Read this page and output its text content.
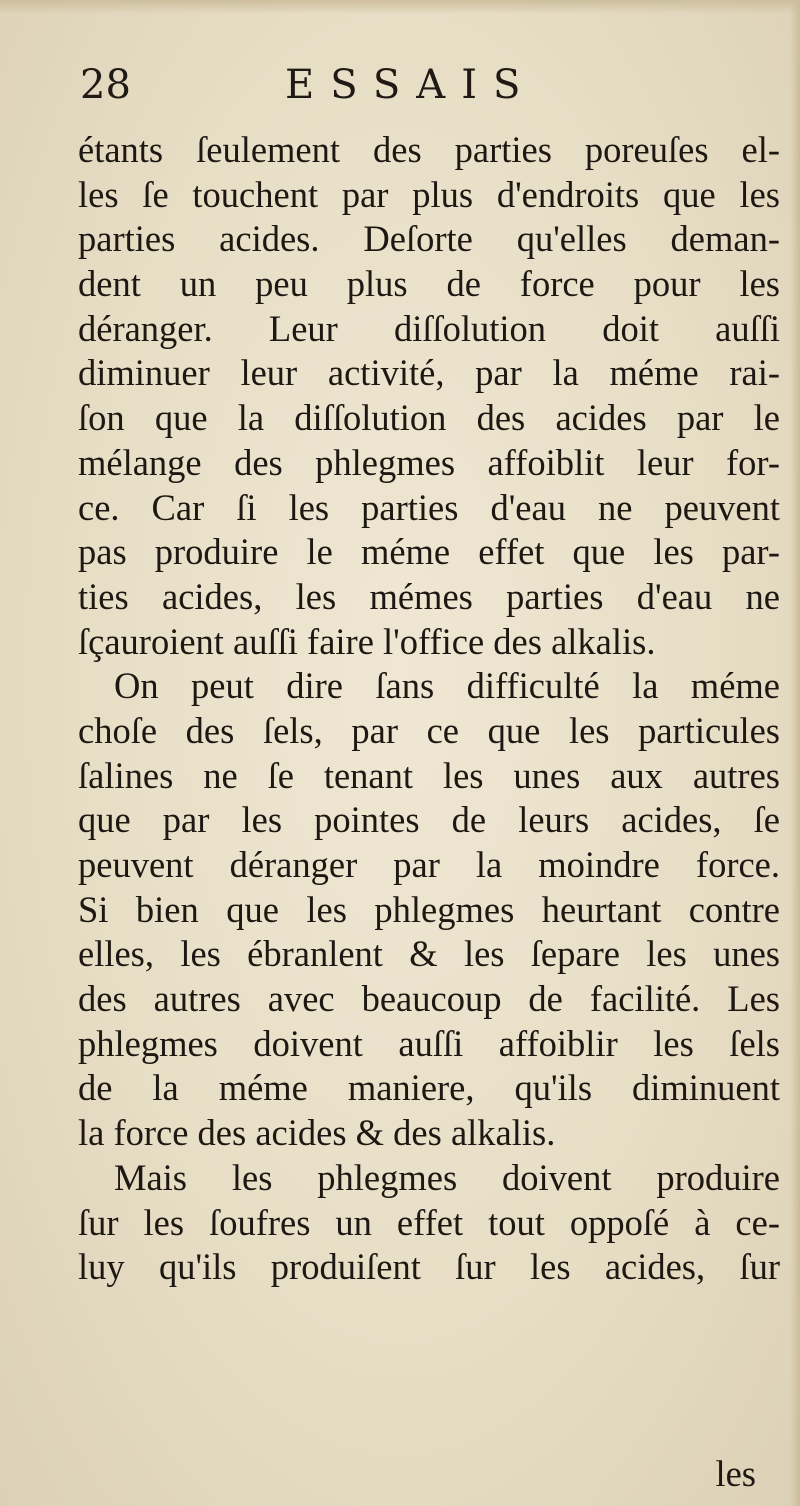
28	ESSAIS
étants ſeulement des parties poreuſes el-
les ſe touchent par plus d'endroits que les
parties acides. Deſorte qu'elles deman-
dent un peu plus de force pour les
déranger. Leur diſſolution doit auſſi
diminuer leur activité, par la méme rai-
ſon que la diſſolution des acides par le
mélange des phlegmes affoiblit leur for-
ce. Car ſi les parties d'eau ne peuvent
pas produire le méme effet que les par-
ties acides, les mémes parties d'eau ne
ſçauroient auſſi faire l'office des alkalis.
On peut dire ſans difficulté la méme
choſe des ſels, par ce que les particules
ſalines ne ſe tenant les unes aux autres
que par les pointes de leurs acides, ſe
peuvent déranger par la moindre force.
Si bien que les phlegmes heurtant contre
elles, les ébranlent & les ſepare les unes
des autres avec beaucoup de facilité. Les
phlegmes doivent auſſi affoiblir les ſels
de la méme maniere, qu'ils diminuent
la force des acides & des alkalis.
Mais les phlegmes doivent produire
ſur les ſoufres un effet tout oppoſé à ce-
luy qu'ils produiſent ſur les acides, ſur
les
